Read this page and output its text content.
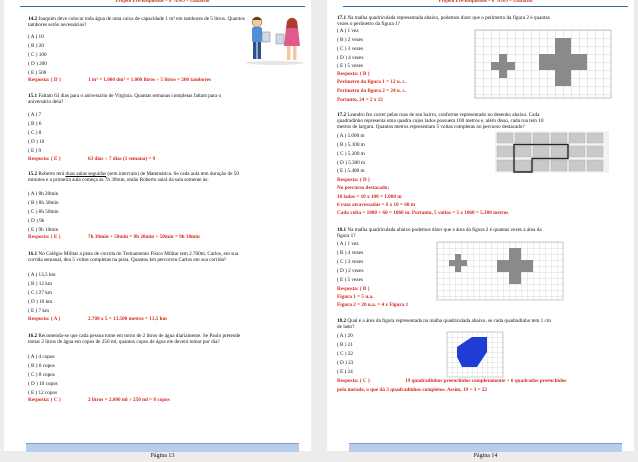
Projeto Pré-Requisitos – 6º ANO – Gabarito
14.2 Joaquim deve colocar toda água de uma caixa de capacidade 1 m³ em tambores de 5 litros. Quantos
tambores serão necessários?
( A ) 10
( B ) 20
( C ) 100
( D ) 200
( E ) 500
Resposta: ( D )	1 m³ = 1.000 dm³ = 1.000 litros ÷ 5 litros = 200 tambores
15.1 Faltam 63 dias para o aniversário de Virgínia. Quantas semanas completas faltam para o
aniversário dela?
( A ) 7
( B ) 6
( C ) 8
( D ) 10
( E ) 9
Resposta: ( E )	63 dias ÷ 7 dias (1 semana) = 9
15.2 Roberto terá duas aulas seguidas (sem intervalo) de Matemática. Se cada aula tem duração de 50
minutos e a primeira aula começa às 7h 30min, então Roberto sairá da sala somente às:
( A ) 8h 20min
( B ) 8h 30min
( C ) 8h 50min
( D ) 9h
( E ) 9h 10min
Resposta: ( E )	7h 30min + 50min = 8h 20min + 50min = 9h 10min
16.1 No Colégio Militar a pista de corrida do Treinamento Físico Militar tem 2.700m. Carlos, em sua
corrida semanal, deu 5 voltas completas na pista. Quantos km percorreu Carlos em sua corrida?
( A ) 13,5 km
( B ) 12 km
( C ) 27 km
( D ) 10 km
( E ) 7 km
Resposta: ( A )	2.700 x 5 = 13.500 metros = 13,5 km
16.2 Recomenda-se que cada pessoa tome em torno de 2 litros de água diariamente. Se Paulo pretende
tomar 2 litros de água em copos de 250 ml, quantos copos de água ele deverá tomar por dia?
( A ) 4 copos
( B ) 6 copos
( C ) 8 copos
( D ) 10 copos
( E ) 12 copos
Resposta: ( C )	2 litros = 2.000 ml ÷ 250 ml = 8 copos
Página 13
Projeto Pré-Requisitos – 6º ANO – Gabarito
17.1 Na malha quadriculada representada abaixo, podemos dizer que o perímetro da figura 2 é quantas
vezes o perímetro da figura 1?
( A ) 1 vez
( B ) 2 vezes
( C ) 3 vezes
( D ) 4 vezes
( E ) 5 vezes
Resposta: ( B )
Perímetro da figura 1 = 12 u. c.
Perímetro da figura 2 = 24 u. c.
Portanto, 24 = 2 x 12
17.2 Leandro fez correr pelas ruas de seu bairro, conforme representado no desenho abaixo. Cada
quadradinho representa uma quadra cujos lados possuem 100 metros e, além disso, cada rua tem 10
metros de largura. Quantos metros representam 5 voltas completas no percurso destacado?
( A ) 5.000 m
( B ) 5.100 m
( C ) 5.200 m
( D ) 5.300 m
( E ) 5.400 m
Resposta: ( D )
No percurso destacado:
10 lados = 10 x 100 = 1.000 m
6 ruas atravessadas = 6 x 10 = 60 m
Cada volta = 1000 + 60 = 1060 m. Portanto, 5 voltas = 5 x 1060 = 5.300 metros
18.1 Na malha quadriculada abaixo podemos dizer que a área da figura 2 é quantas vezes a área da
figura 1?
( A ) 1 vez
( B ) 4 vezes
( C ) 3 vezes
( D ) 2 vezes
( E ) 5 vezes
Resposta: ( B )
Figura 1 = 5 u.a.
Figura 2 = 20 u.a. = 4 x Figura 1
18.2 Qual é a área da figura representada na malha quadriculada abaixo, se cada quadradinho tem 1 cm
de lado?
( A ) 20
( B ) 21
( C ) 22
( D ) 23
( E ) 24
Resposta: ( C )	19 quadradinhos preenchidos completamente + 6 quadrados preenchidos
pela metade, o que dá 3 quadradinhos completos. Assim, 19 + 3 = 22
Página 14
